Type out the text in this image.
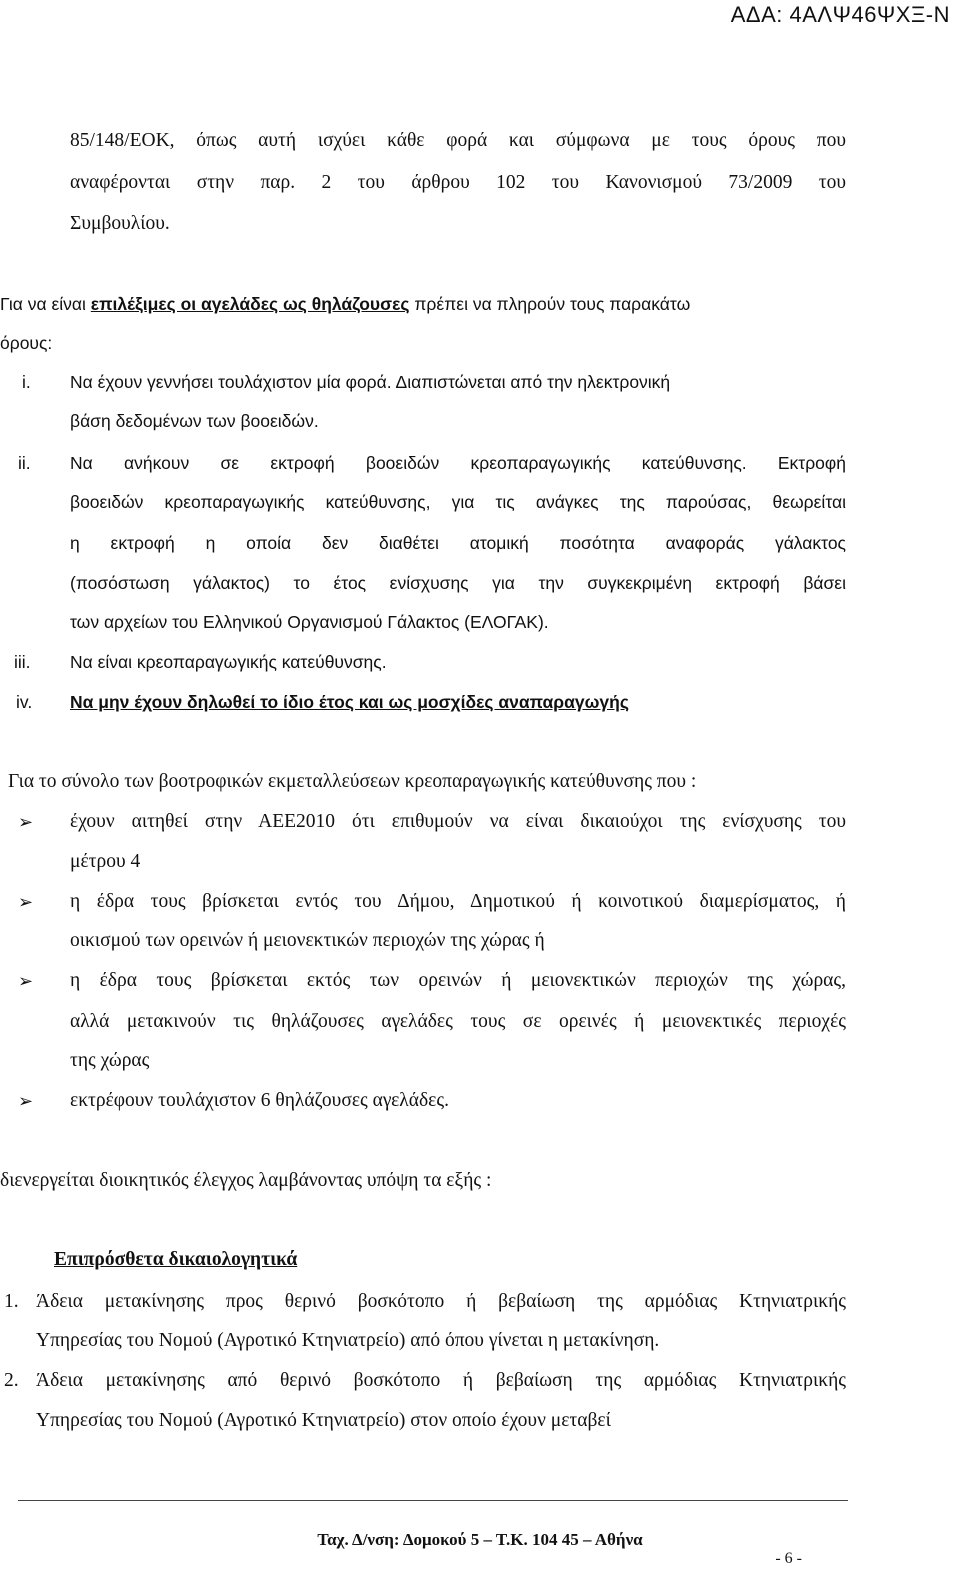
ΑΔΑ: 4ΑΛΨ46ΨΧΞ-Ν
85/148/ΕΟΚ, όπως αυτή ισχύει κάθε φορά και σύμφωνα με τους όρους που
αναφέρονται στην παρ. 2 του άρθρου 102 του Κανονισμού 73/2009 του
Συμβουλίου.
Για να είναι επιλέξιμες οι αγελάδες ως θηλάζουσες πρέπει να πληρούν τους παρακάτω
όρους:
i. Να έχουν γεννήσει τουλάχιστον μία φορά. Διαπιστώνεται από την ηλεκτρονική
βάση δεδομένων των βοοειδών.
ii. Να ανήκουν σε εκτροφή βοοειδών κρεοπαραγωγικής κατεύθυνσης. Εκτροφή
βοοειδών κρεοπαραγωγικής κατεύθυνσης, για τις ανάγκες της παρούσας, θεωρείται
η εκτροφή η οποία δεν διαθέτει ατομική ποσότητα αναφοράς γάλακτος
(ποσόστωση γάλακτος) το έτος ενίσχυσης για την συγκεκριμένη εκτροφή βάσει
των αρχείων του Ελληνικού Οργανισμού Γάλακτος (ΕΛΟΓΑΚ).
iii. Να είναι κρεοπαραγωγικής κατεύθυνσης.
iv. Να μην έχουν δηλωθεί το ίδιο έτος και ως μοσχίδες αναπαραγωγής
Για το σύνολο των βοοτροφικών εκμεταλλεύσεων κρεοπαραγωγικής κατεύθυνσης που :
➢ έχουν αιτηθεί στην ΑΕΕ2010 ότι επιθυμούν να είναι δικαιούχοι της ενίσχυσης του
μέτρου 4
➢ η έδρα τους βρίσκεται εντός του Δήμου, Δημοτικού ή κοινοτικού διαμερίσματος, ή
οικισμού των ορεινών ή μειονεκτικών περιοχών της χώρας ή
➢ η έδρα τους βρίσκεται εκτός των ορεινών ή μειονεκτικών περιοχών της χώρας,
αλλά μετακινούν τις θηλάζουσες αγελάδες τους σε ορεινές ή μειονεκτικές περιοχές
της χώρας
➢ εκτρέφουν τουλάχιστον 6 θηλάζουσες αγελάδες.
διενεργείται διοικητικός έλεγχος λαμβάνοντας υπόψη τα εξής :
Επιπρόσθετα δικαιολογητικά
1. Άδεια μετακίνησης προς θερινό βοσκότοπο ή βεβαίωση της αρμόδιας Κτηνιατρικής
Υπηρεσίας του Νομού (Αγροτικό Κτηνιατρείο) από όπου γίνεται η μετακίνηση.
2. Άδεια μετακίνησης από θερινό βοσκότοπο ή βεβαίωση της αρμόδιας Κτηνιατρικής
Υπηρεσίας του Νομού (Αγροτικό Κτηνιατρείο) στον οποίο έχουν μεταβεί
Ταχ. Δ/νση: Δομοκού 5 – Τ.Κ. 104 45 – Αθήνα
- 6 -
